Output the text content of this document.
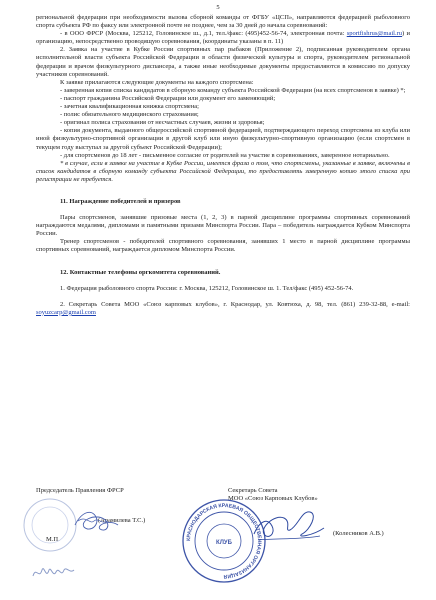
5

региональной федерации при необходимости вызова сборной команды от ФГБУ «ЦСП», направляются федерацией рыболовного спорта субъекта РФ по факсу или электронной почте не позднее, чем за 30 дней до начала соревнований:

- в ООО ФРСР (Москва, 125212, Головинское ш., д.1, тел./факс: (495)452-56-74, электронная почта: sportfishrus@mail.ru) и организацию, непосредственно проводящую соревнования, (координаты указаны в п. 11)

2. Заявка на участие в Кубке России спортивных пар рыбаков (Приложение 2), подписанная руководителем органа исполнительной власти субъекта Российской Федерации в области физической культуры и спорта, руководителем региональной федерации и врачом физкультурного диспансера, а также иные необходимые документы предоставляются в комиссию по допуску участников соревнований.

К заявке прилагаются следующие документы на каждого спортсмена:

- заверенная копия списка кандидатов в сборную команду субъекта Российской Федерации (на всех спортсменов в заявке) *;

- паспорт гражданина Российской Федерации или документ его заменяющий;

- зачетная квалификационная книжка спортсмена;

- полис обязательного медицинского страхования;

- оригинал полиса страхования от несчастных случаев, жизни и здоровья;

- копия документа, выданного общероссийской спортивной федерацией, подтверждающего переход спортсмена из клуба или иной физкультурно-спортивной организации в другой клуб или иную физкультурно-спортивную организацию (если спортсмен в текущем году выступал за другой субъект Российской Федерации);

- для спортсменов до 18 лет - письменное согласие от родителей на участие в соревнованиях, заверенное нотариально.

* в случае, если в заявке на участие в Кубке России, имеется фраза о том, что спортсмены, указанные в заявке, включены в список кандидатов в сборную команду субъекта Российской Федерации, то предоставлять заверенную копию этого списка при регистрации не требуется.

11. Награждение победителей и призеров

Пары спортсменов, занявшие призовые места (1, 2, 3) в парной дисциплине программы спортивных соревнований награждаются медалями, дипломами и памятными призами Минспорта России. Пара – победитель награждается Кубком Минспорта России.

Тренер спортсменов - победителей спортивного соревнования, занявших 1 место в парной дисциплине программы спортивных соревнований, награждается дипломом Минспорта России.

12. Контактные телефоны оргкомитета соревнований.

1. Федерация рыболовного спорта России: г. Москва, 125212, Головинское ш. 1. Тел/факс (495) 452-56-74.

2. Секретарь Совета МОО «Союз карповых клубов», г. Краснодар, ул. Ковтюха, д. 98, тел. (861) 239-32-88, e-mail: soyuzcarp@gmail.com

Председатель Правления ФРСР
(Арамилева Т.С.)
М.П.
Секретарь Совета
МОО «Союз Карповых Клубов»
(Колесников А.В.)
КРАСНОДАРСКАЯ КРАЕВАЯ ОБЩЕСТВЕННАЯ ОРГАНИЗАЦИЯ
КЛУБ
